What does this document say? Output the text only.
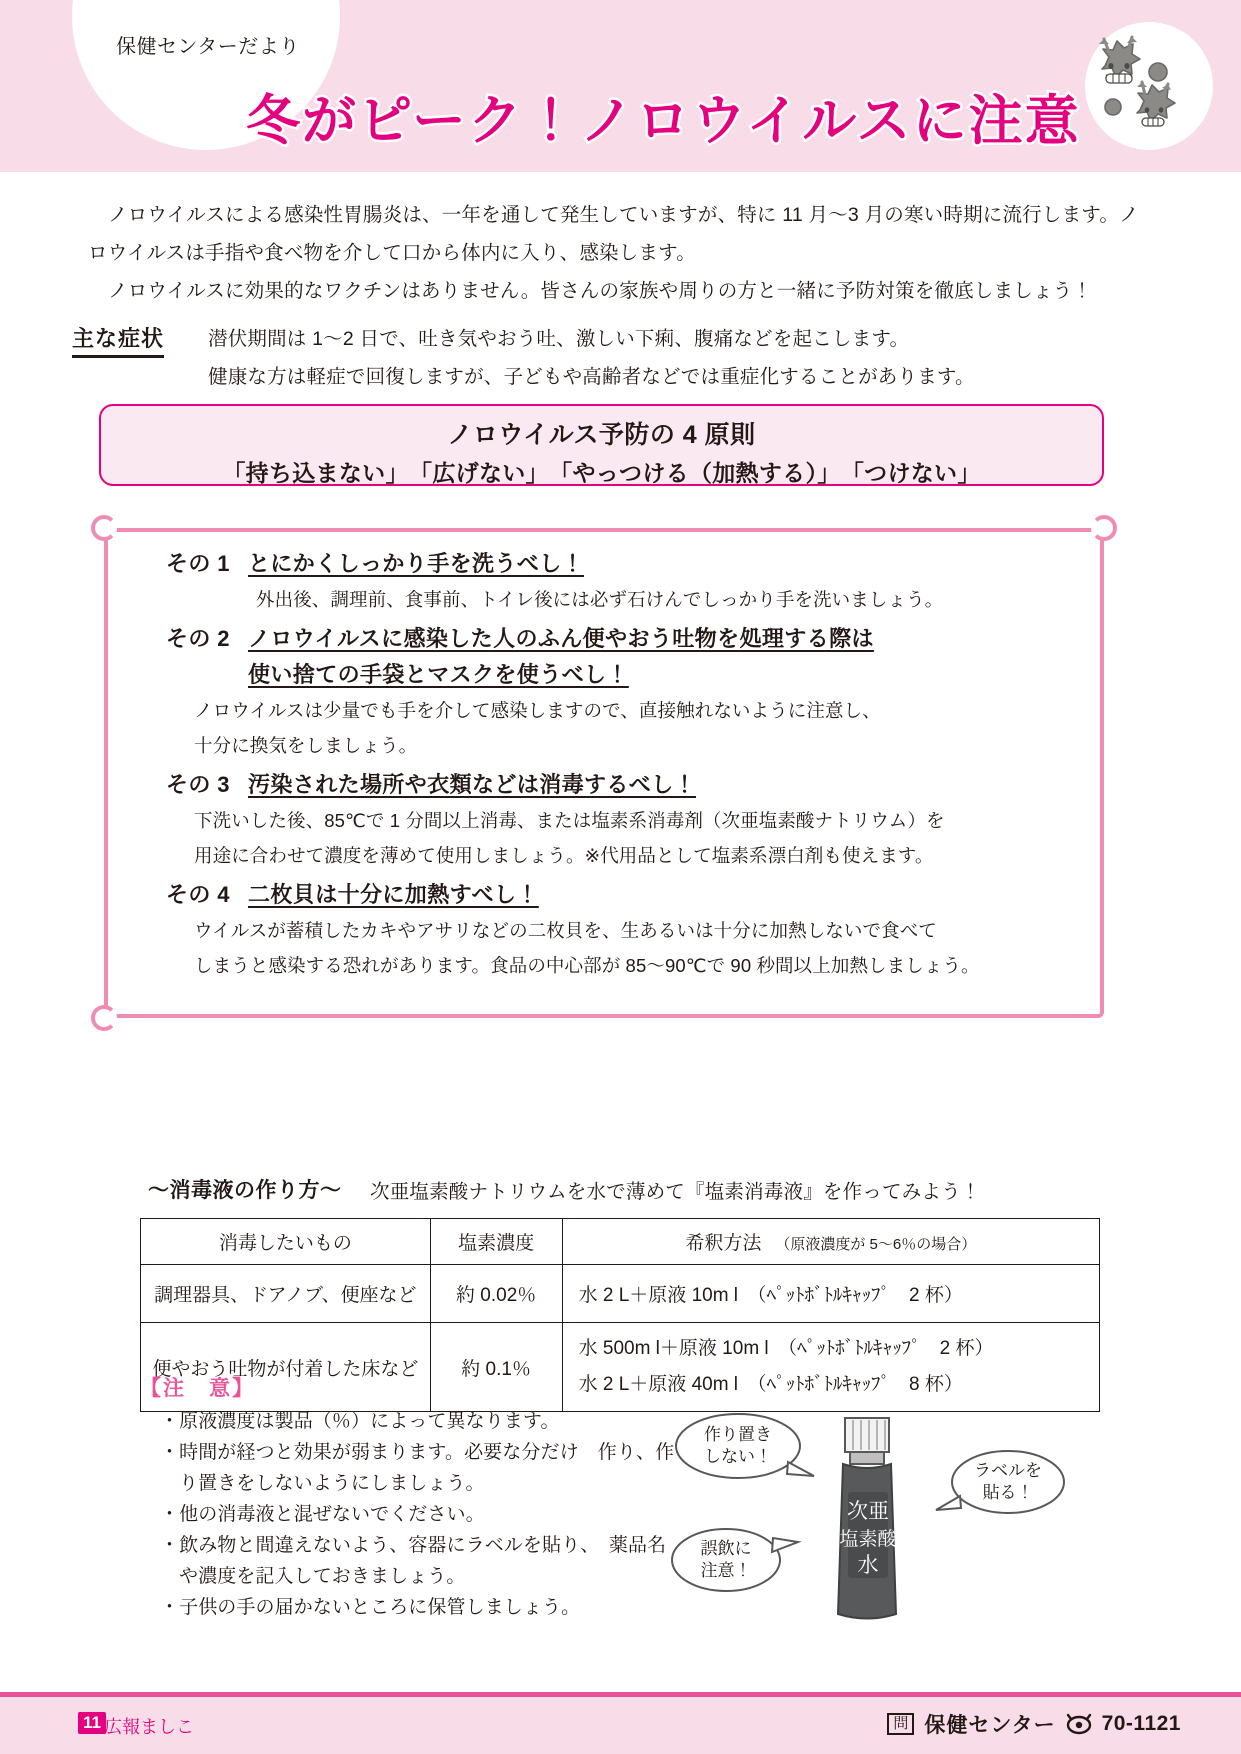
保健センターだより
冬がピーク！ノロウイルスに注意

ノロウイルスによる感染性胃腸炎は、一年を通して発生していますが、特に 11 月〜3 月の寒い時期に流行します。ノロウイルスは手指や食べ物を介して口から体内に入り、感染します。

ノロウイルスに効果的なワクチンはありません。皆さんの家族や周りの方と一緒に予防対策を徹底しましょう！

主な症状 潜伏期間は 1〜2 日で、吐き気やおう吐、激しい下痢、腹痛などを起こします。
健康な方は軽症で回復しますが、子どもや高齢者などでは重症化することがあります。
ノロウイルス予防の 4 原則
「持ち込まない」　「広げない」　「やっつける（加熱する）」　「つけない」
その 1 とにかくしっかり手を洗うべし！
外出後、調理前、食事前、トイレ後には必ず石けんでしっかり手を洗いましょう。
その 2 ノロウイルスに感染した人のふん便やおう吐物を処理する際は
使い捨ての手袋とマスクを使うべし！
ノロウイルスは少量でも手を介して感染しますので、直接触れないように注意し、
十分に換気をしましょう。
その 3 汚染された場所や衣類などは消毒するべし！
下洗いした後、85℃で 1 分間以上消毒、または塩素系消毒剤（次亜塩素酸ナトリウム）を
用途に合わせて濃度を薄めて使用しましょう。※代用品として塩素系漂白剤も使えます。
その 4 二枚貝は十分に加熱すべし！
ウイルスが蓄積したカキやアサリなどの二枚貝を、生あるいは十分に加熱しないで食べて
しまうと感染する恐れがあります。食品の中心部が 85〜90℃で 90 秒間以上加熱しましょう。
〜消毒液の作り方〜 次亜塩素酸ナトリウムを水で薄めて『塩素消毒液』を作ってみよう！
消毒したいもの	塩素濃度	希釈方法 （原液濃度が 5〜6％の場合）
調理器具、ドアノブ、便座など	約 0.02％	水 2 L＋原液 10m l　（ﾍﾟｯﾄﾎﾞﾄﾙｷｬｯﾌﾟ　2 杯）
便やおう吐物が付着した床など	約 0.1％	水 500m l＋原液 10m l　（ﾍﾟｯﾄﾎﾞﾄﾙｷｬｯﾌﾟ　2 杯）
水 2 L＋原液 40m l　（ﾍﾟｯﾄﾎﾞﾄﾙｷｬｯﾌﾟ　8 杯）
【注　意】
・原液濃度は製品（％）によって異なります。
・時間が経つと効果が弱まります。必要な分だけ　作り、作り置きをしないようにしましょう。
・他の消毒液と混ぜないでください。
・飲み物と間違えないよう、容器にラベルを貼り、　薬品名や濃度を記入しておきましょう。
・子供の手の届かないところに保管しましょう。
作り置き
しない！
ラベルを
貼る！
誤飲に
注意！
次亜
塩素酸
水
11 広報ましこ	問 保健センター 70-1121
